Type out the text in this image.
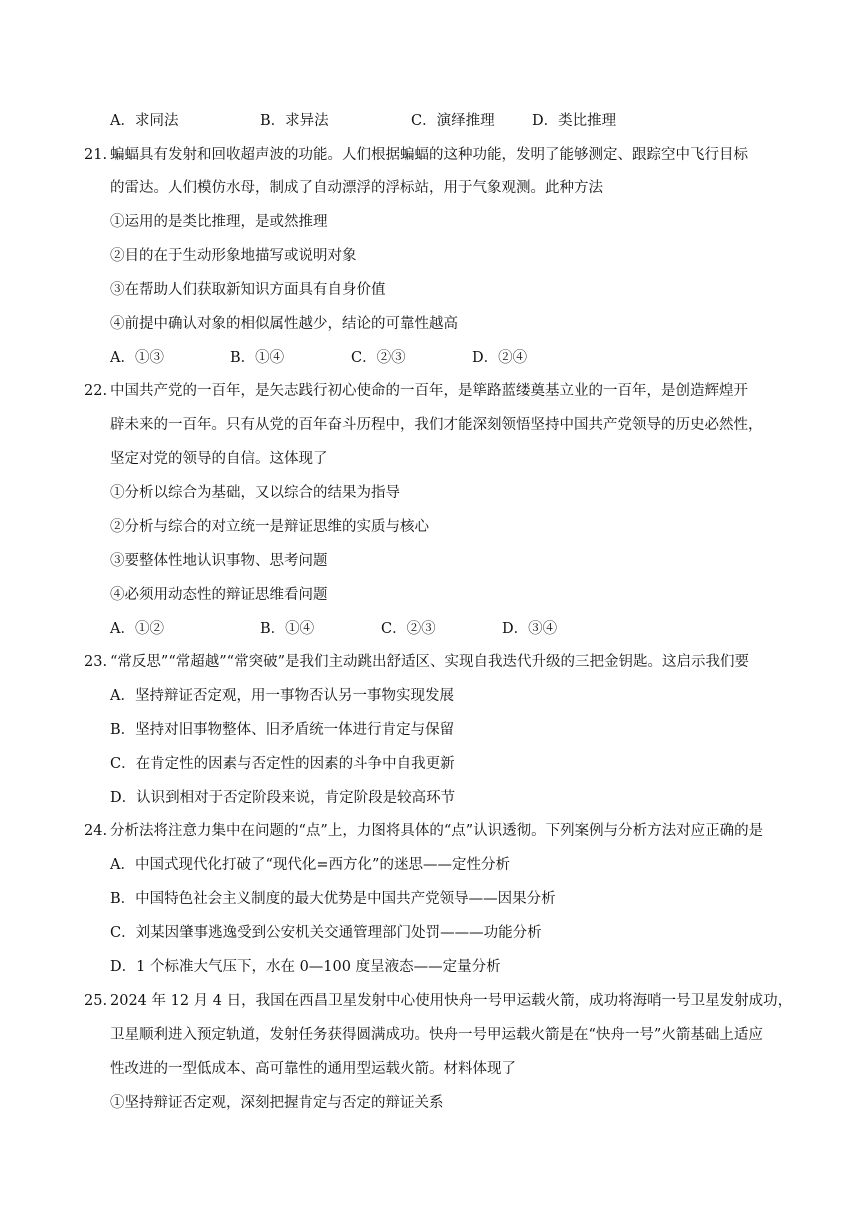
A．求同法	B．求异法	C．演绎推理	D．类比推理
21. 蝙蝠具有发射和回收超声波的功能。人们根据蝙蝠的这种功能，发明了能够测定、跟踪空中飞行目标
的雷达。人们模仿水母，制成了自动漂浮的浮标站，用于气象观测。此种方法
①运用的是类比推理，是或然推理
②目的在于生动形象地描写或说明对象
③在帮助人们获取新知识方面具有自身价值
④前提中确认对象的相似属性越少，结论的可靠性越高
A．①③	B．①④	C．②③	D．②④
22. 中国共产党的一百年，是矢志践行初心使命的一百年，是筚路蓝缕奠基立业的一百年，是创造辉煌开
辟未来的一百年。只有从党的百年奋斗历程中，我们才能深刻领悟坚持中国共产党领导的历史必然性，
坚定对党的领导的自信。这体现了
①分析以综合为基础，又以综合的结果为指导
②分析与综合的对立统一是辩证思维的实质与核心
③要整体性地认识事物、思考问题
④必须用动态性的辩证思维看问题
A．①②	B．①④	C．②③	D．③④
23. “常反思”“常超越”“常突破”是我们主动跳出舒适区、实现自我迭代升级的三把金钥匙。这启示我们要
A．坚持辩证否定观，用一事物否认另一事物实现发展
B．坚持对旧事物整体、旧矛盾统一体进行肯定与保留
C．在肯定性的因素与否定性的因素的斗争中自我更新
D．认识到相对于否定阶段来说，肯定阶段是较高环节
24. 分析法将注意力集中在问题的“点”上，力图将具体的“点”认识透彻。下列案例与分析方法对应正确的是
A．中国式现代化打破了“现代化=西方化”的迷思——定性分析
B．中国特色社会主义制度的最大优势是中国共产党领导——因果分析
C．刘某因肇事逃逸受到公安机关交通管理部门处罚———功能分析
D．1 个标准大气压下，水在 0—100 度呈液态——定量分析
25. 2024 年 12 月 4 日，我国在西昌卫星发射中心使用快舟一号甲运载火箭，成功将海哨一号卫星发射成功，
卫星顺利进入预定轨道，发射任务获得圆满成功。快舟一号甲运载火箭是在“快舟一号”火箭基础上适应
性改进的一型低成本、高可靠性的通用型运载火箭。材料体现了
①坚持辩证否定观，深刻把握肯定与否定的辩证关系
